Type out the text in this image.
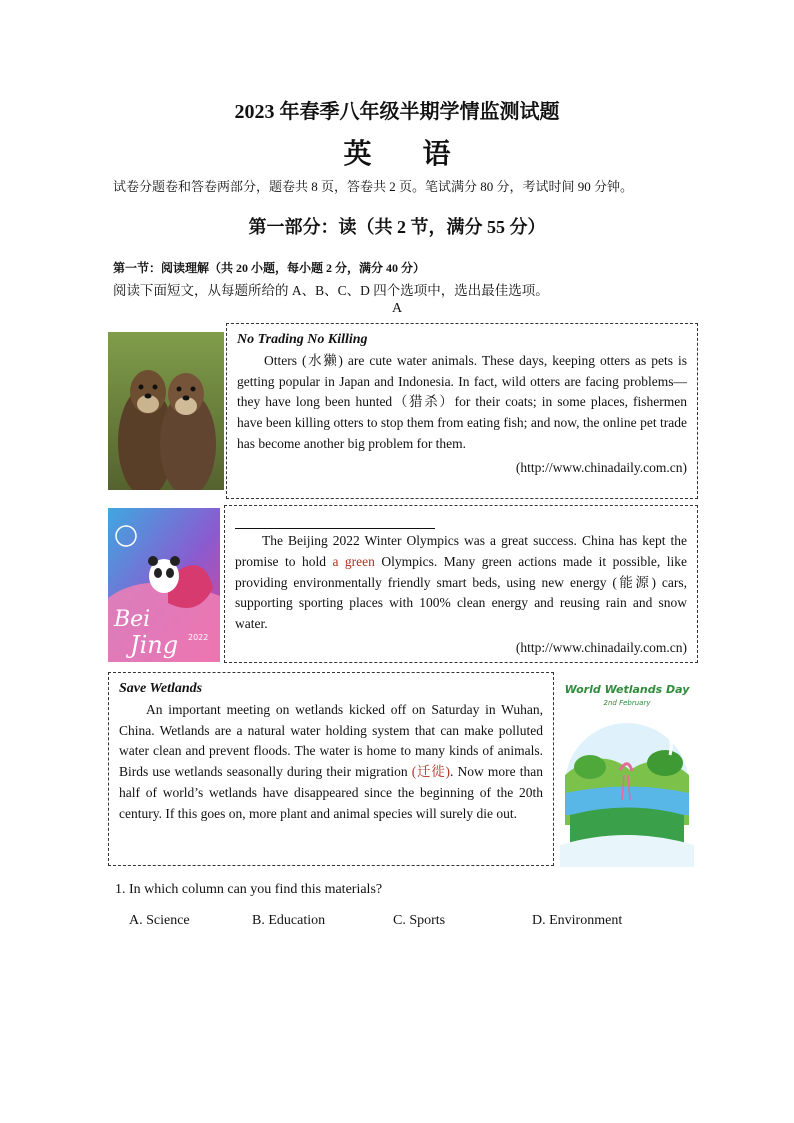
2023 年春季八年级半期学情监测试题
英 语
试卷分题卷和答卷两部分，题卷共 8 页，答卷共 2 页。笔试满分 80 分，考试时间 90 分钟。
第一部分：读（共 2 节，满分 55 分）
第一节：阅读理解（共 20 小题，每小题 2 分，满分 40 分）
阅读下面短文，从每题所给的 A、B、C、D 四个选项中，选出最佳选项。
A

No Trading No Killing

Otters (水獭) are cute water animals. These days, keeping otters as pets is getting popular in Japan and Indonesia. In fact, wild otters are facing problems—they have long been hunted（猎杀）for their coats; in some places, fishermen have been killing otters to stop them from eating fish; and now, the online pet trade has become another big problem for them.

(http://www.chinadaily.com.cn)
Bei
Jing 2022

The Beijing 2022 Winter Olympics was a great success. China has kept the promise to hold a green Olympics. Many green actions made it possible, like providing environmentally friendly smart beds, using new energy (能源) cars, supporting sporting places with 100% clean energy and reusing rain and snow water.

(http://www.chinadaily.com.cn)

Save Wetlands

An important meeting on wetlands kicked off on Saturday in Wuhan, China. Wetlands are a natural water holding system that can make polluted water clean and prevent floods. The water is home to many kinds of animals. Birds use wetlands seasonally during their migration (迁徙). Now more than half of world’s wetlands have disappeared since the beginning of the 20th century. If this goes on, more plant and animal species will surely die out.

World Wetlands Day
2nd February
1. In which column can you find this materials?
A. Science	B. Education	C. Sports	D. Environment
